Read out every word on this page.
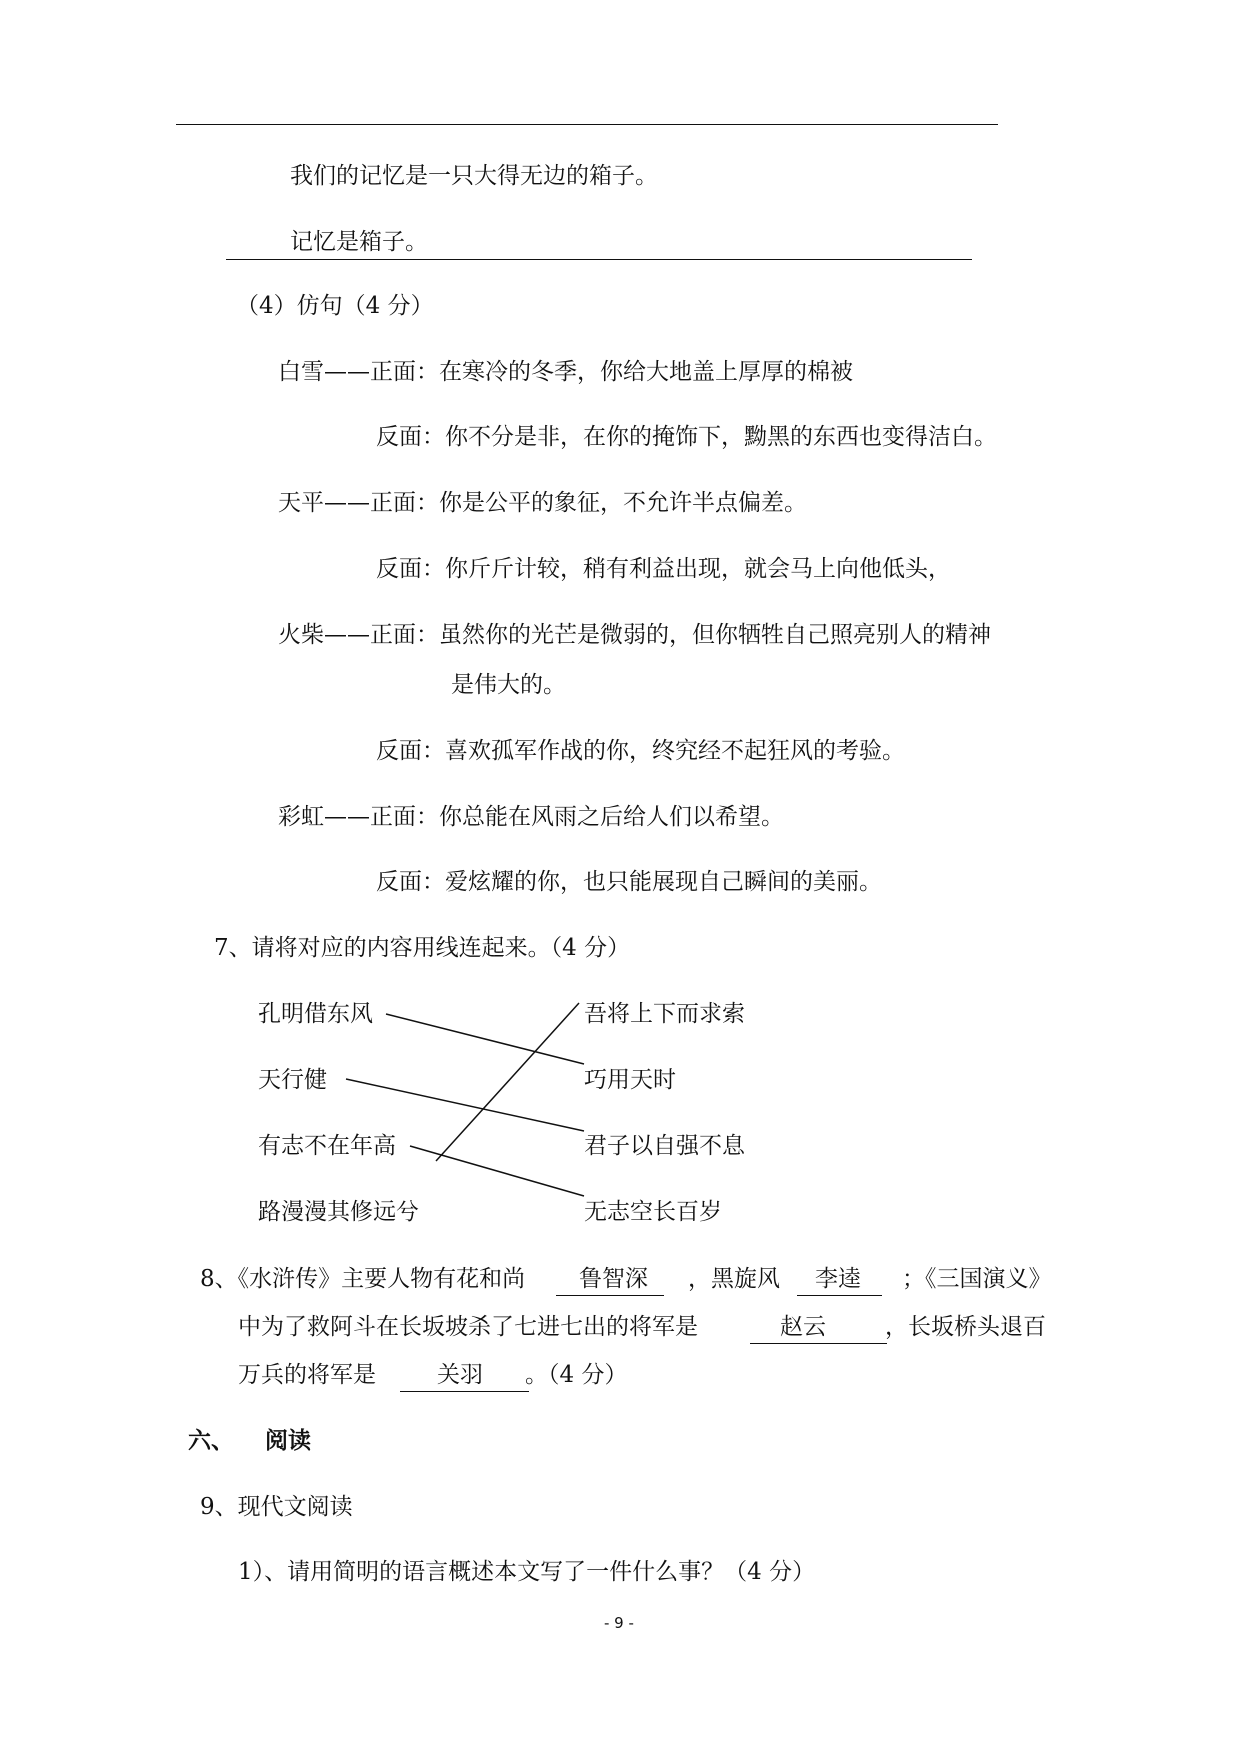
我们的记忆是一只大得无边的箱子。
记忆是箱子。
（4）仿句（4 分）
白雪——正面：在寒冷的冬季，你给大地盖上厚厚的棉被
反面：你不分是非，在你的掩饰下，黝黑的东西也变得洁白。
天平——正面：你是公平的象征，不允许半点偏差。
反面：你斤斤计较，稍有利益出现，就会马上向他低头，
火柴——正面：虽然你的光芒是微弱的，但你牺牲自己照亮别人的精神
是伟大的。
反面：喜欢孤军作战的你，终究经不起狂风的考验。
彩虹——正面：你总能在风雨之后给人们以希望。
反面：爱炫耀的你，也只能展现自己瞬间的美丽。
7、请将对应的内容用线连起来。（4 分）
孔明借东风
天行健
有志不在年高
路漫漫其修远兮
吾将上下而求索
巧用天时
君子以自强不息
无志空长百岁
8、《水浒传》主要人物有花和尚 鲁智深 ，黑旋风 李逵 ；《三国演义》
中为了救阿斗在长坂坡杀了七进七出的将军是	赵云	，长坂桥头退百
万兵的将军是	关羽 。（4 分）
六、 阅读
9、现代文阅读
1）、请用简明的语言概述本文写了一件什么事？（4 分）
- 9 -
